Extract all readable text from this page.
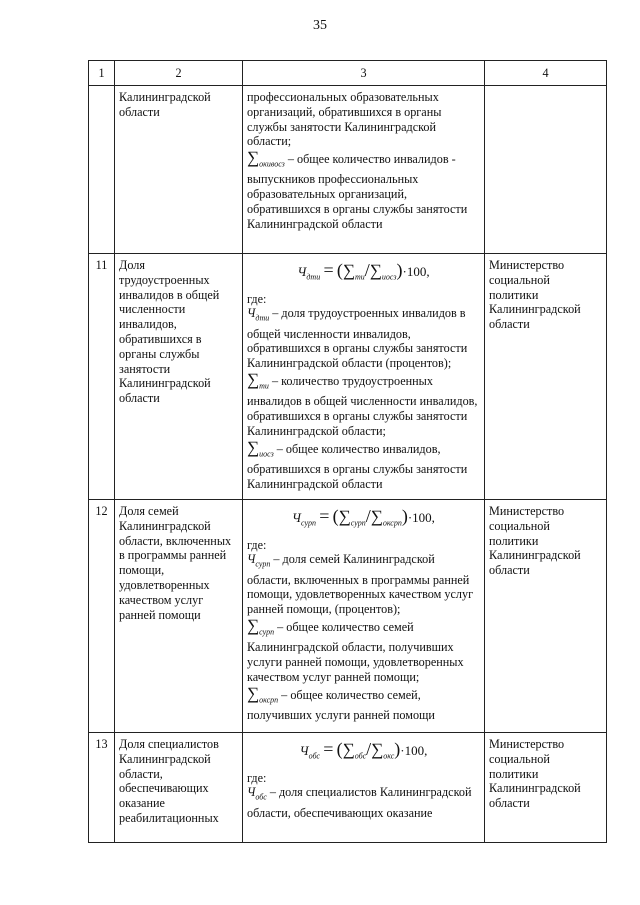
35
1	2	3	4
	Калининградской области	профессиональных образовательных организаций, обратившихся в органы службы занятости Калининградской области;

$\sum_{окивосз}$ – общее количество инвалидов - выпускников профессиональных образовательных организаций, обратившихся в органы службы занятости Калининградской области	

11	Доля трудоустроенных инвалидов в общей численности инвалидов, обратившихся в органы службы занятости Калининградской области	$Ч_{дти} = (\sum_{ти}/\sum_{иосз})\cdot 100$,
где:
$Ч_{дти}$ – доля трудоустроенных инвалидов в общей численности инвалидов, обратившихся в органы службы занятости Калининградской области (процентов);
$\sum_{ти}$ – количество трудоустроенных инвалидов в общей численности инвалидов, обратившихся в органы службы занятости Калининградской области;
$\sum_{иосз}$ – общее количество инвалидов, обратившихся в органы службы занятости Калининградской области	Министерство социальной политики Калининградской области
12	Доля семей Калининградской области, включенных в программы ранней помощи, удовлетворенных качеством услуг ранней помощи	$Ч_{сурп} = (\sum_{сурп}/\sum_{оксрп})\cdot 100$,
где:
$Ч_{сурп}$ – доля семей Калининградской области, включенных в программы ранней помощи, удовлетворенных качеством услуг ранней помощи, (процентов);
$\sum_{сурп}$ – общее количество семей Калининградской области, получивших услуги ранней помощи, удовлетворенных качеством услуг ранней помощи;
$\sum_{оксрп}$ – общее количество семей, получивших услуги ранней помощи	Министерство социальной политики Калининградской области
13	Доля специалистов Калининградской области, обеспечивающих оказание реабилитационных	$Ч_{обс} = (\sum_{обс}/\sum_{окс})\cdot 100$,
где:
$Ч_{обс}$ – доля специалистов Калининградской области, обеспечивающих оказание	Министерство социальной политики Калининградской области
